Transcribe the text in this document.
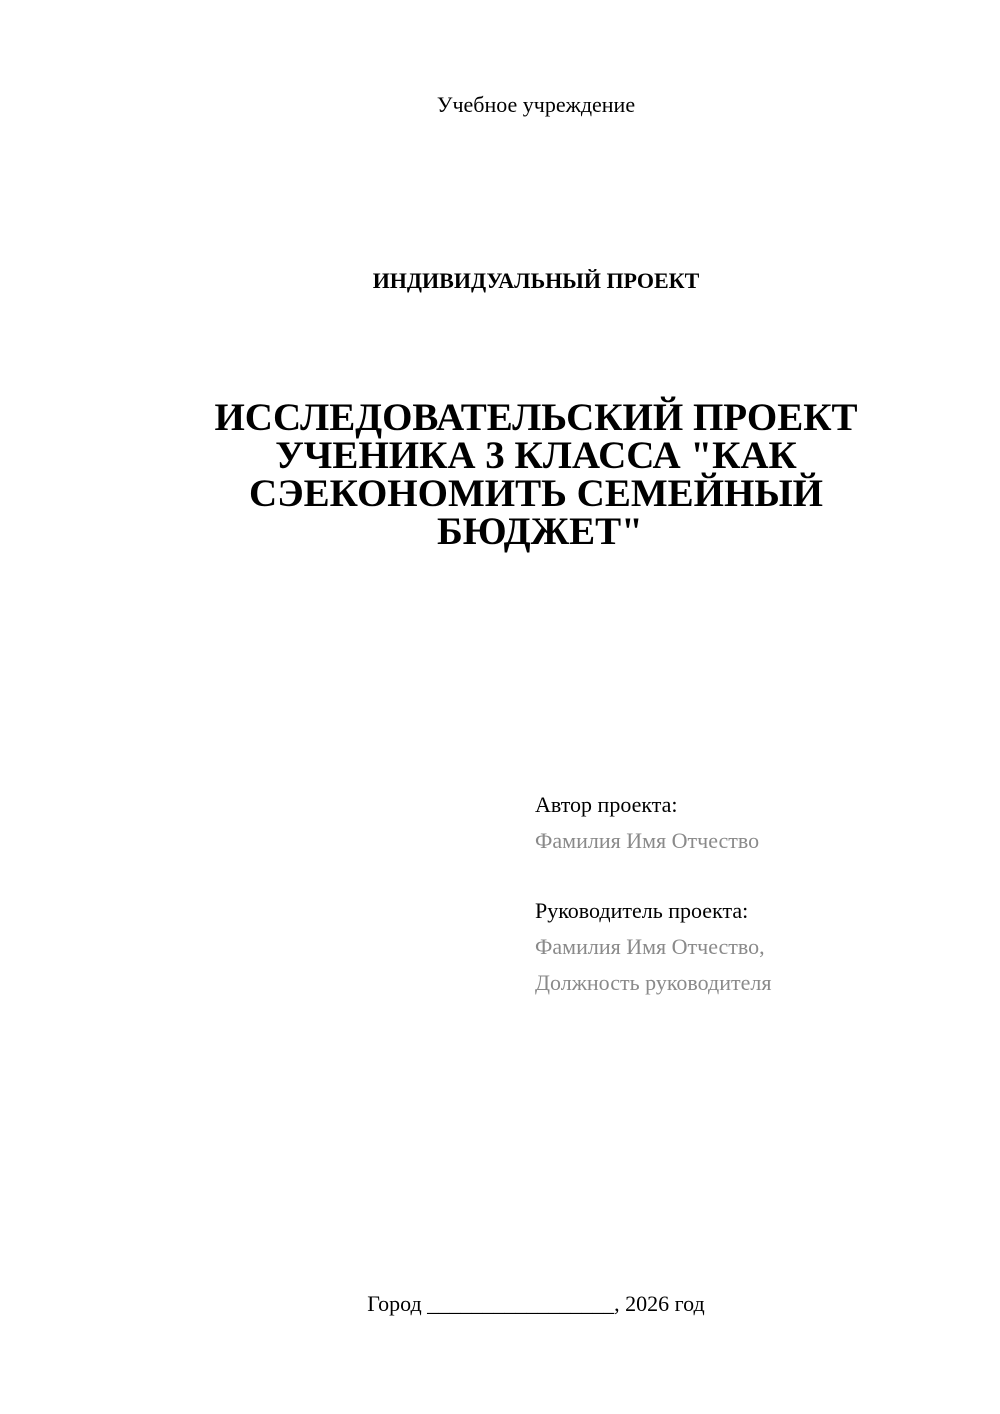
Учебное учреждение
ИНДИВИДУАЛЬНЫЙ ПРОЕКТ
ИССЛЕДОВАТЕЛЬСКИЙ ПРОЕКТ
УЧЕНИКА 3 КЛАССА "КАК
СЭЕКОНОМИТЬ СЕМЕЙНЫЙ
БЮДЖЕТ"
Автор проекта:
Фамилия Имя Отчество
Руководитель проекта:
Фамилия Имя Отчество,
Должность руководителя
Город _________________, 2026 год
